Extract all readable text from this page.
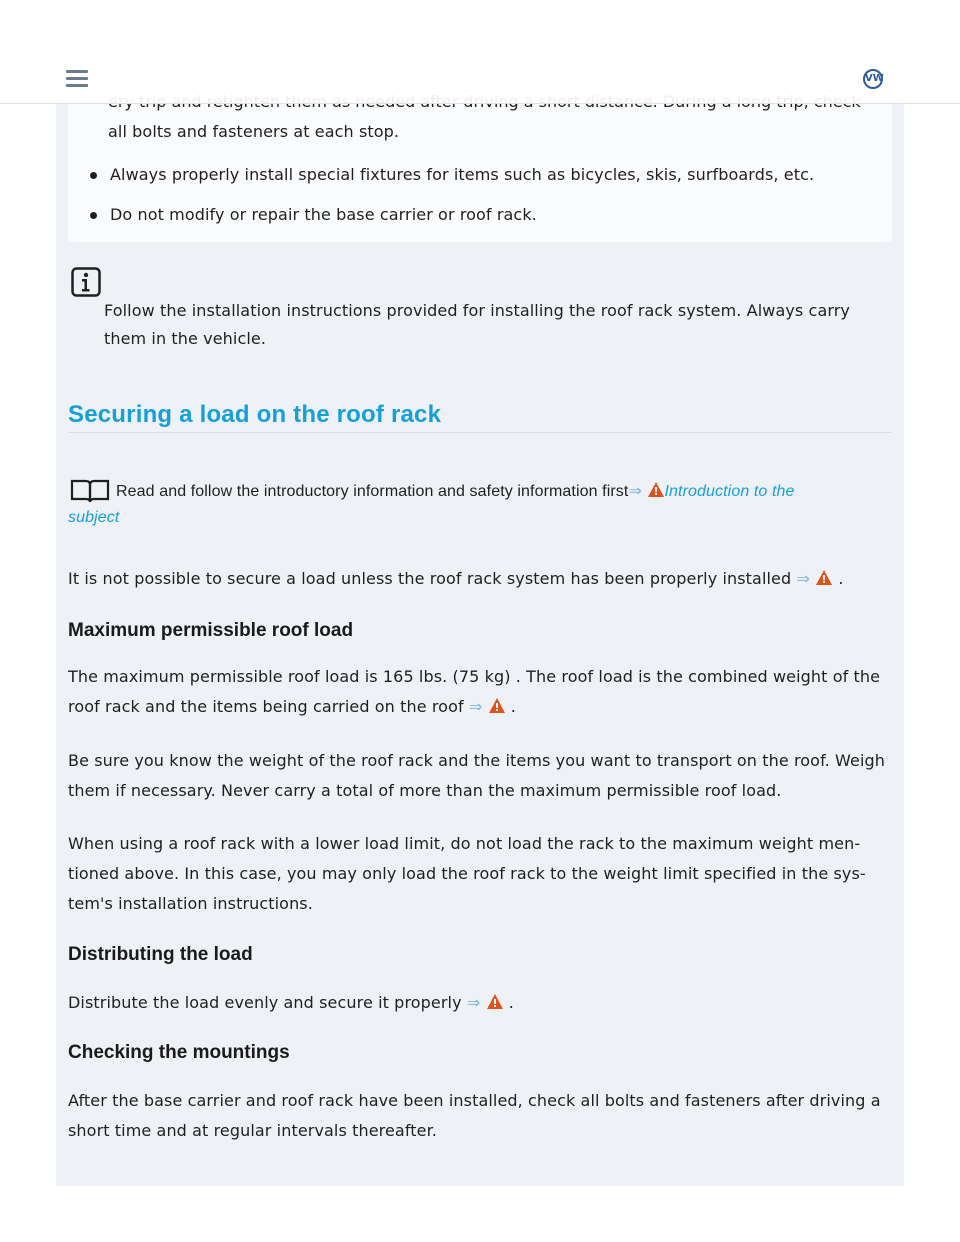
VW
all bolts and fasteners at each stop.
Always properly install special fixtures for items such as bicycles, skis, surfboards, etc.
Do not modify or repair the base carrier or roof rack.
Follow the installation instructions provided for installing the roof rack system. Always carry
them in the vehicle.
Securing a load on the roof rack
Read and follow the introductory information and safety information first⇒ Introduction to the
subject
It is not possible to secure a load unless the roof rack system has been properly installed ⇒ .
Maximum permissible roof load
The maximum permissible roof load is 165 lbs. (75 kg) . The roof load is the combined weight of the
roof rack and the items being carried on the roof ⇒ .
Be sure you know the weight of the roof rack and the items you want to transport on the roof. Weigh
them if necessary. Never carry a total of more than the maximum permissible roof load.
When using a roof rack with a lower load limit, do not load the rack to the maximum weight men-
tioned above. In this case, you may only load the roof rack to the weight limit specified in the sys-
tem's installation instructions.
Distributing the load
Distribute the load evenly and secure it properly ⇒ .
Checking the mountings
After the base carrier and roof rack have been installed, check all bolts and fasteners after driving a
short time and at regular intervals thereafter.
